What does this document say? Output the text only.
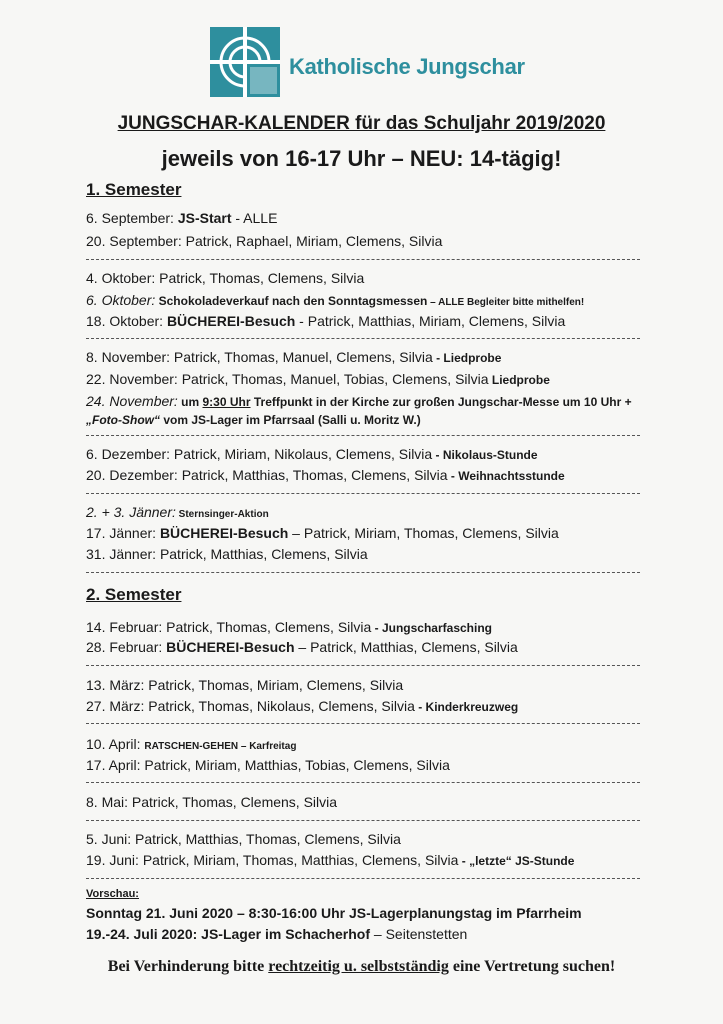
Katholische Jungschar
JUNGSCHAR-KALENDER für das Schuljahr 2019/2020
jeweils von 16-17 Uhr – NEU: 14-tägig!
1. Semester
6. September: JS-Start - ALLE
20. September: Patrick, Raphael, Miriam, Clemens, Silvia
4. Oktober: Patrick, Thomas, Clemens, Silvia
6. Oktober: Schokoladeverkauf nach den Sonntagsmessen – ALLE Begleiter bitte mithelfen!
18. Oktober: BÜCHEREI-Besuch - Patrick, Matthias, Miriam, Clemens, Silvia
8. November: Patrick, Thomas, Manuel, Clemens, Silvia - Liedprobe
22. November: Patrick, Thomas, Manuel, Tobias, Clemens, Silvia Liedprobe
24. November: um 9:30 Uhr Treffpunkt in der Kirche zur großen Jungschar-Messe um 10 Uhr +
„Foto-Show“ vom JS-Lager im Pfarrsaal (Salli u. Moritz W.)
6. Dezember: Patrick, Miriam, Nikolaus, Clemens, Silvia - Nikolaus-Stunde
20. Dezember: Patrick, Matthias, Thomas, Clemens, Silvia - Weihnachtsstunde
2. + 3. Jänner: Sternsinger-Aktion
17. Jänner: BÜCHEREI-Besuch – Patrick, Miriam, Thomas, Clemens, Silvia
31. Jänner: Patrick, Matthias, Clemens, Silvia
2. Semester
14. Februar: Patrick, Thomas, Clemens, Silvia - Jungscharfasching
28. Februar: BÜCHEREI-Besuch – Patrick, Matthias, Clemens, Silvia
13. März: Patrick, Thomas, Miriam, Clemens, Silvia
27. März: Patrick, Thomas, Nikolaus, Clemens, Silvia - Kinderkreuzweg
10. April: RATSCHEN-GEHEN – Karfreitag
17. April: Patrick, Miriam, Matthias, Tobias, Clemens, Silvia
8. Mai: Patrick, Thomas, Clemens, Silvia
5. Juni: Patrick, Matthias, Thomas, Clemens, Silvia
19. Juni: Patrick, Miriam, Thomas, Matthias, Clemens, Silvia - „letzte“ JS-Stunde
Vorschau:
Sonntag 21. Juni 2020 – 8:30-16:00 Uhr JS-Lagerplanungstag im Pfarrheim
19.-24. Juli 2020: JS-Lager im Schacherhof – Seitenstetten
Bei Verhinderung bitte rechtzeitig u. selbstständig eine Vertretung suchen!
